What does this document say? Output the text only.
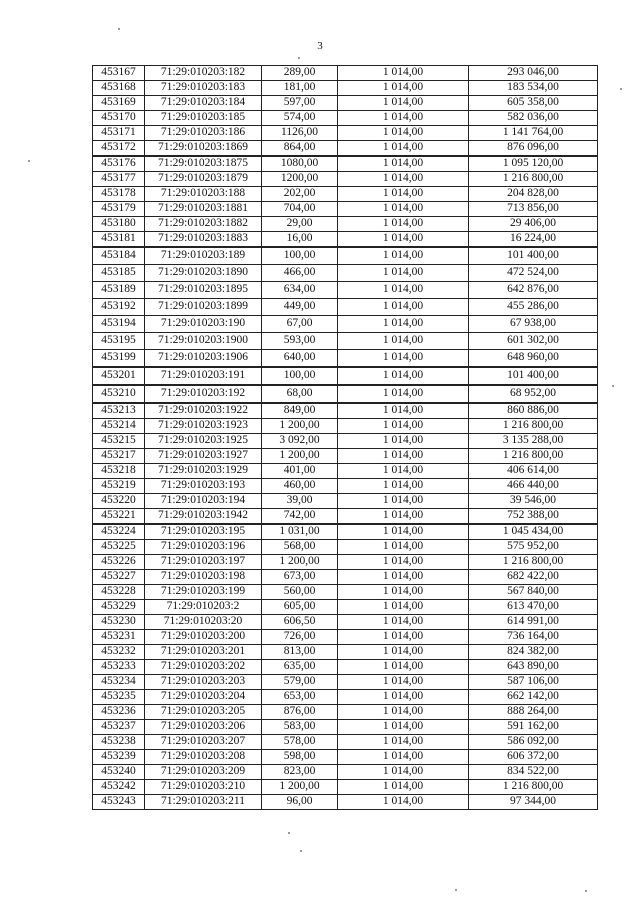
3
453167	71:29:010203:182	289,00	1 014,00	293 046,00
453168	71:29:010203:183	181,00	1 014,00	183 534,00
453169	71:29:010203:184	597,00	1 014,00	605 358,00
453170	71:29:010203:185	574,00	1 014,00	582 036,00
453171	71:29:010203:186	1126,00	1 014,00	1 141 764,00
453172	71:29:010203:1869	864,00	1 014,00	876 096,00
453176	71:29:010203:1875	1080,00	1 014,00	1 095 120,00
453177	71:29:010203:1879	1200,00	1 014,00	1 216 800,00
453178	71:29:010203:188	202,00	1 014,00	204 828,00
453179	71:29:010203:1881	704,00	1 014,00	713 856,00
453180	71:29:010203:1882	29,00	1 014,00	29 406,00
453181	71:29:010203:1883	16,00	1 014,00	16 224,00
453184	71:29:010203:189	100,00	1 014,00	101 400,00
453185	71:29:010203:1890	466,00	1 014,00	472 524,00
453189	71:29:010203:1895	634,00	1 014,00	642 876,00
453192	71:29:010203:1899	449,00	1 014,00	455 286,00
453194	71:29:010203:190	67,00	1 014,00	67 938,00
453195	71:29:010203:1900	593,00	1 014,00	601 302,00
453199	71:29:010203:1906	640,00	1 014,00	648 960,00
453201	71:29:010203:191	100,00	1 014,00	101 400,00
453210	71:29:010203:192	68,00	1 014,00	68 952,00
453213	71:29:010203:1922	849,00	1 014,00	860 886,00
453214	71:29:010203:1923	1 200,00	1 014,00	1 216 800,00
453215	71:29:010203:1925	3 092,00	1 014,00	3 135 288,00
453217	71:29:010203:1927	1 200,00	1 014,00	1 216 800,00
453218	71:29:010203:1929	401,00	1 014,00	406 614,00
453219	71:29:010203:193	460,00	1 014,00	466 440,00
453220	71:29:010203:194	39,00	1 014,00	39 546,00
453221	71:29:010203:1942	742,00	1 014,00	752 388,00
453224	71:29:010203:195	1 031,00	1 014,00	1 045 434,00
453225	71:29:010203:196	568,00	1 014,00	575 952,00
453226	71:29:010203:197	1 200,00	1 014,00	1 216 800,00
453227	71:29:010203:198	673,00	1 014,00	682 422,00
453228	71:29:010203:199	560,00	1 014,00	567 840,00
453229	71:29:010203:2	605,00	1 014,00	613 470,00
453230	71:29:010203:20	606,50	1 014,00	614 991,00
453231	71:29:010203:200	726,00	1 014,00	736 164,00
453232	71:29:010203:201	813,00	1 014,00	824 382,00
453233	71:29:010203:202	635,00	1 014,00	643 890,00
453234	71:29:010203:203	579,00	1 014,00	587 106,00
453235	71:29:010203:204	653,00	1 014,00	662 142,00
453236	71:29:010203:205	876,00	1 014,00	888 264,00
453237	71:29:010203:206	583,00	1 014,00	591 162,00
453238	71:29:010203:207	578,00	1 014,00	586 092,00
453239	71:29:010203:208	598,00	1 014,00	606 372,00
453240	71:29:010203:209	823,00	1 014,00	834 522,00
453242	71:29:010203:210	1 200,00	1 014,00	1 216 800,00
453243	71:29:010203:211	96,00	1 014,00	97 344,00
